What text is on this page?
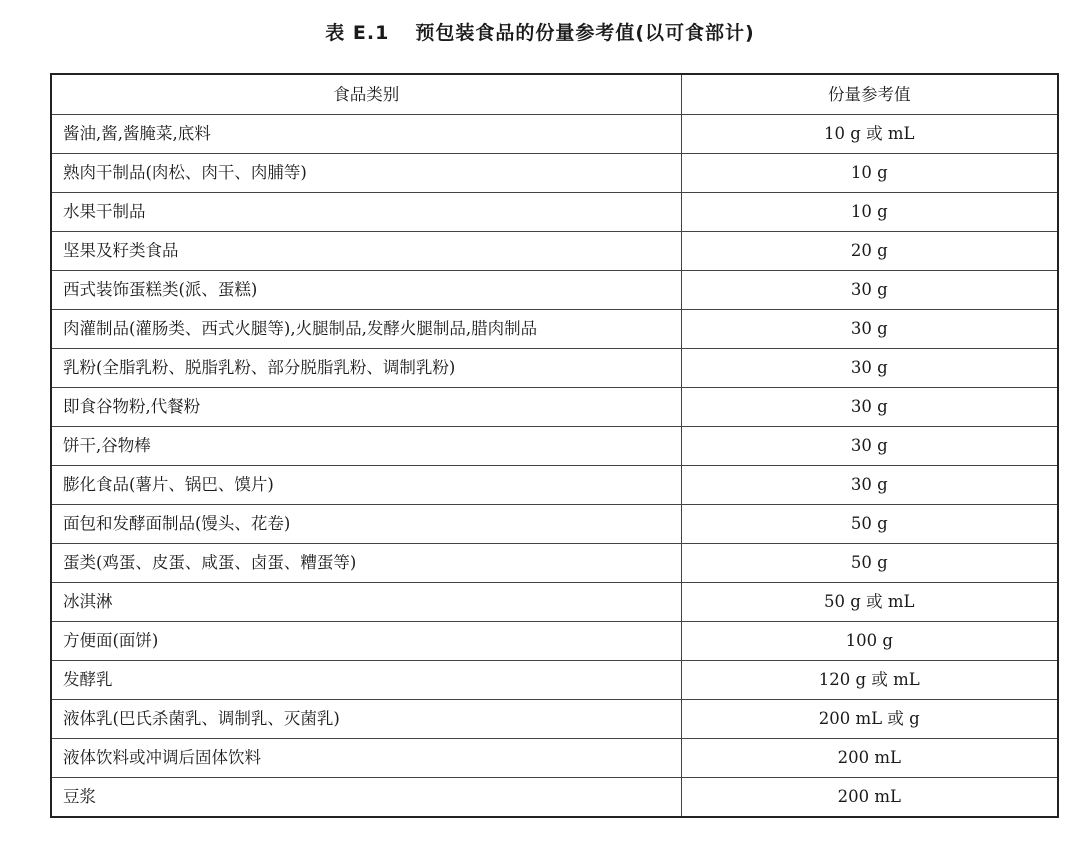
表 E.1 预包装食品的份量参考值(以可食部计)
食品类别	份量参考值
酱油,酱,酱腌菜,底料	10 g 或 mL
熟肉干制品(肉松、肉干、肉脯等)	10 g
水果干制品	10 g
坚果及籽类食品	20 g
西式装饰蛋糕类(派、蛋糕)	30 g
肉灌制品(灌肠类、西式火腿等),火腿制品,发酵火腿制品,腊肉制品	30 g
乳粉(全脂乳粉、脱脂乳粉、部分脱脂乳粉、调制乳粉)	30 g
即食谷物粉,代餐粉	30 g
饼干,谷物棒	30 g
膨化食品(薯片、锅巴、馍片)	30 g
面包和发酵面制品(馒头、花卷)	50 g
蛋类(鸡蛋、皮蛋、咸蛋、卤蛋、糟蛋等)	50 g
冰淇淋	50 g 或 mL
方便面(面饼)	100 g
发酵乳	120 g 或 mL
液体乳(巴氏杀菌乳、调制乳、灭菌乳)	200 mL 或 g
液体饮料或冲调后固体饮料	200 mL
豆浆	200 mL
